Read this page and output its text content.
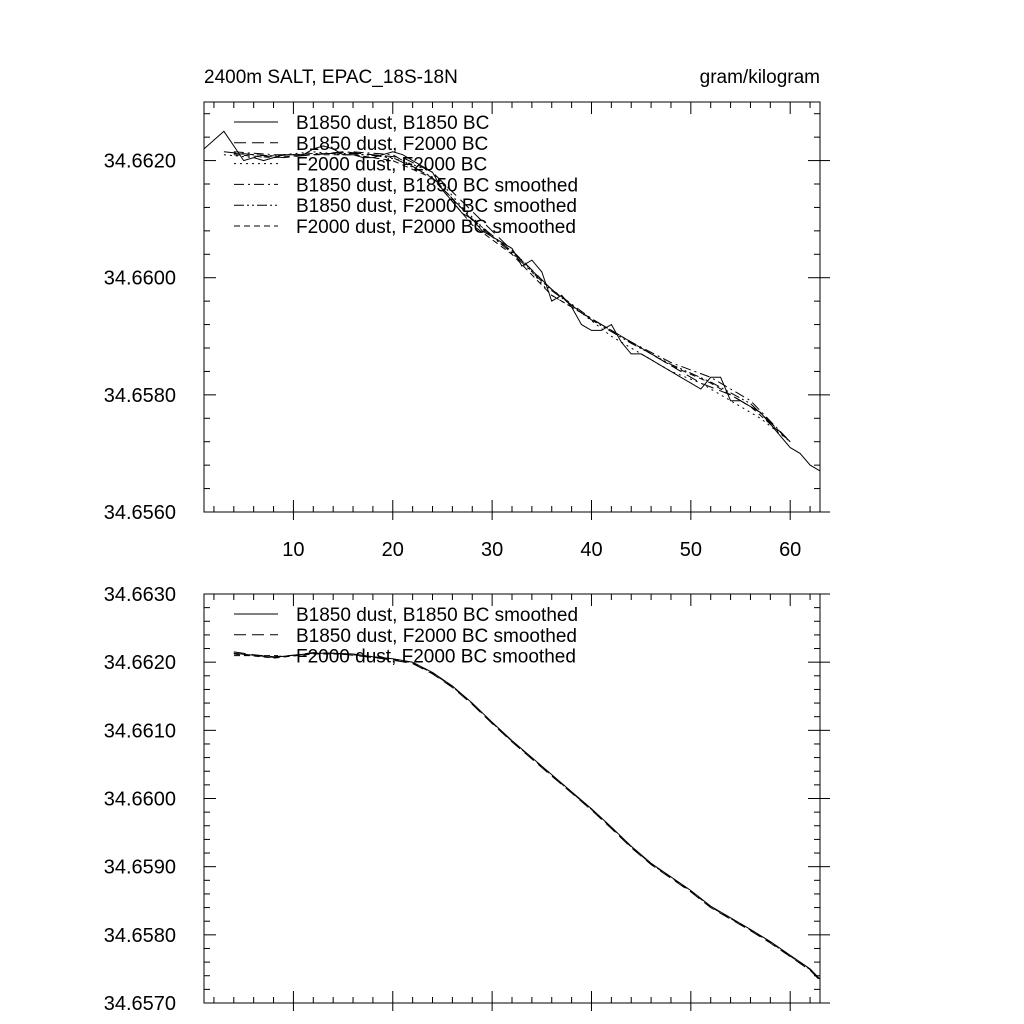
2400m SALT, EPAC_18S-18N	gram/kilogram
10	20	30	40	50	60
34.6560
34.6580
34.6600
34.6620
B1850 dust, B1850 BC
B1850 dust, F2000 BC
F2000 dust, F2000 BC
B1850 dust, B1850 BC smoothed
B1850 dust, F2000 BC smoothed
F2000 dust, F2000 BC smoothed
34.6570
34.6580
34.6590
34.6600
34.6610
34.6620
34.6630
B1850 dust, B1850 BC smoothed
B1850 dust, F2000 BC smoothed
F2000 dust, F2000 BC smoothed
